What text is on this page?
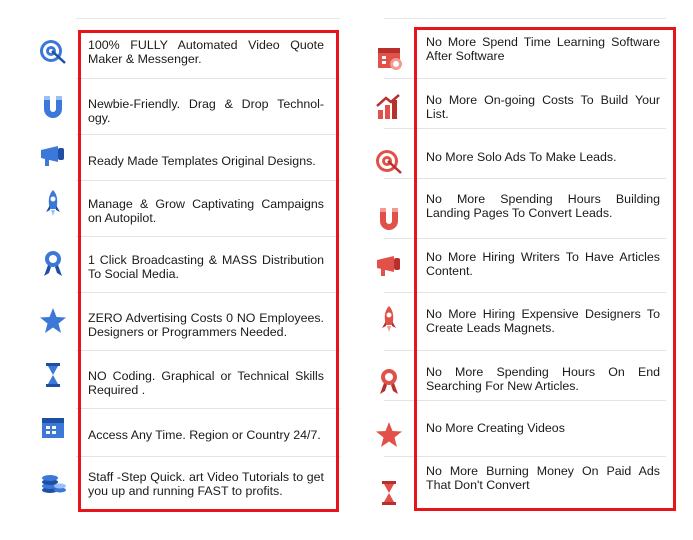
100% FULLY Automated Video Quote Maker & Messenger.
Newbie-Friendly. Drag & Drop Technol-ogy.
Ready Made Templates Original Designs.
Manage & Grow Captivating Campaigns on Autopilot.
1 Click Broadcasting & MASS Distribution To Social Media.
ZERO Advertising Costs 0 NO Employees. Designers or Programmers Needed.
NO Coding. Graphical or Technical Skills Required .
Access Any Time. Region or Country 24/7.
Staff -Step Quick. art Video Tutorials to get you up and running FAST to profits.
No More Spend Time Learning Software After Software
No More On-going Costs To Build Your List.
No More Solo Ads To Make Leads.
No More Spending Hours Building Landing Pages To Convert Leads.
No More Hiring Writers To Have Articles Content.
No More Hiring Expensive Designers To Create Leads Magnets.
No More Spending Hours On End Searching For New Articles.
No More Creating Videos
No More Burning Money On Paid Ads That Don't Convert
